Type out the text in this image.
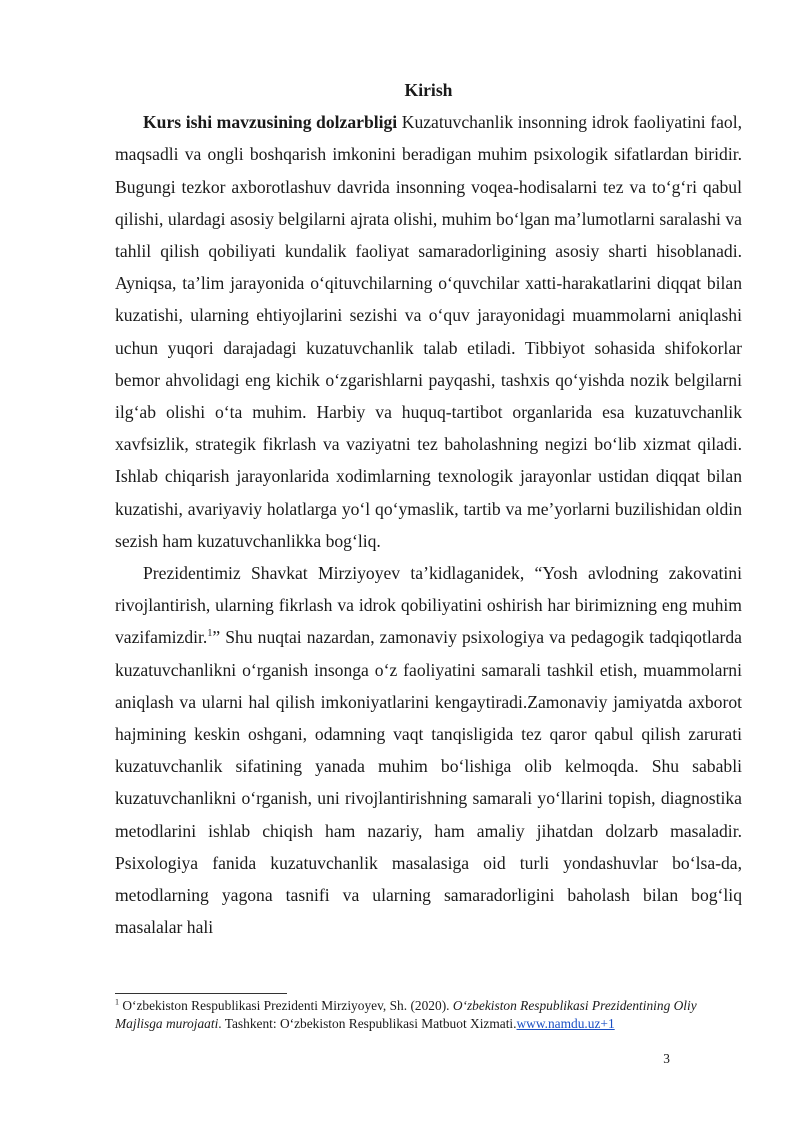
Kirish

Kurs ishi mavzusining dolzarbligi Kuzatuvchanlik insonning idrok faoliyatini faol, maqsadli va ongli boshqarish imkonini beradigan muhim psixologik sifatlardan biridir. Bugungi tezkor axborotlashuv davrida insonning voqea-hodisalarni tez va to‘g‘ri qabul qilishi, ulardagi asosiy belgilarni ajrata olishi, muhim bo‘lgan ma’lumotlarni saralashi va tahlil qilish qobiliyati kundalik faoliyat samaradorligining asosiy sharti hisoblanadi. Ayniqsa, ta’lim jarayonida o‘qituvchilarning o‘quvchilar xatti-harakatlarini diqqat bilan kuzatishi, ularning ehtiyojlarini sezishi va o‘quv jarayonidagi muammolarni aniqlashi uchun yuqori darajadagi kuzatuvchanlik talab etiladi. Tibbiyot sohasida shifokorlar bemor ahvolidagi eng kichik o‘zgarishlarni payqashi, tashxis qo‘yishda nozik belgilarni ilg‘ab olishi o‘ta muhim. Harbiy va huquq-tartibot organlarida esa kuzatuvchanlik xavfsizlik, strategik fikrlash va vaziyatni tez baholashning negizi bo‘lib xizmat qiladi. Ishlab chiqarish jarayonlarida xodimlarning texnologik jarayonlar ustidan diqqat bilan kuzatishi, avariyaviy holatlarga yo‘l qo‘ymaslik, tartib va me’yorlarni buzilishidan oldin sezish ham kuzatuvchanlikka bog‘liq.

Prezidentimiz Shavkat Mirziyoyev ta’kidlaganidek, “Yosh avlodning zakovatini rivojlantirish, ularning fikrlash va idrok qobiliyatini oshirish har birimizning eng muhim vazifamizdir.$^1$” Shu nuqtai nazardan, zamonaviy psixologiya va pedagogik tadqiqotlarda kuzatuvchanlikni o‘rganish insonga o‘z faoliyatini samarali tashkil etish, muammolarni aniqlash va ularni hal qilish imkoniyatlarini kengaytiradi.Zamonaviy jamiyatda axborot hajmining keskin oshgani, odamning vaqt tanqisligida tez qaror qabul qilish zarurati kuzatuvchanlik sifatining yanada muhim bo‘lishiga olib kelmoqda. Shu sababli kuzatuvchanlikni o‘rganish, uni rivojlantirishning samarali yo‘llarini topish, diagnostika metodlarini ishlab chiqish ham nazariy, ham amaliy jihatdan dolzarb masaladir. Psixologiya fanida kuzatuvchanlik masalasiga oid turli yondashuvlar bo‘lsa-da, metodlarning yagona tasnifi va ularning samaradorligini baholash bilan bog‘liq masalalar hali

$^1$ O‘zbekiston Respublikasi Prezidenti Mirziyoyev, Sh. (2020). O‘zbekiston Respublikasi Prezidentining Oliy Majlisga murojaati. Tashkent: O‘zbekiston Respublikasi Matbuot Xizmati.www.namdu.uz+1
3
